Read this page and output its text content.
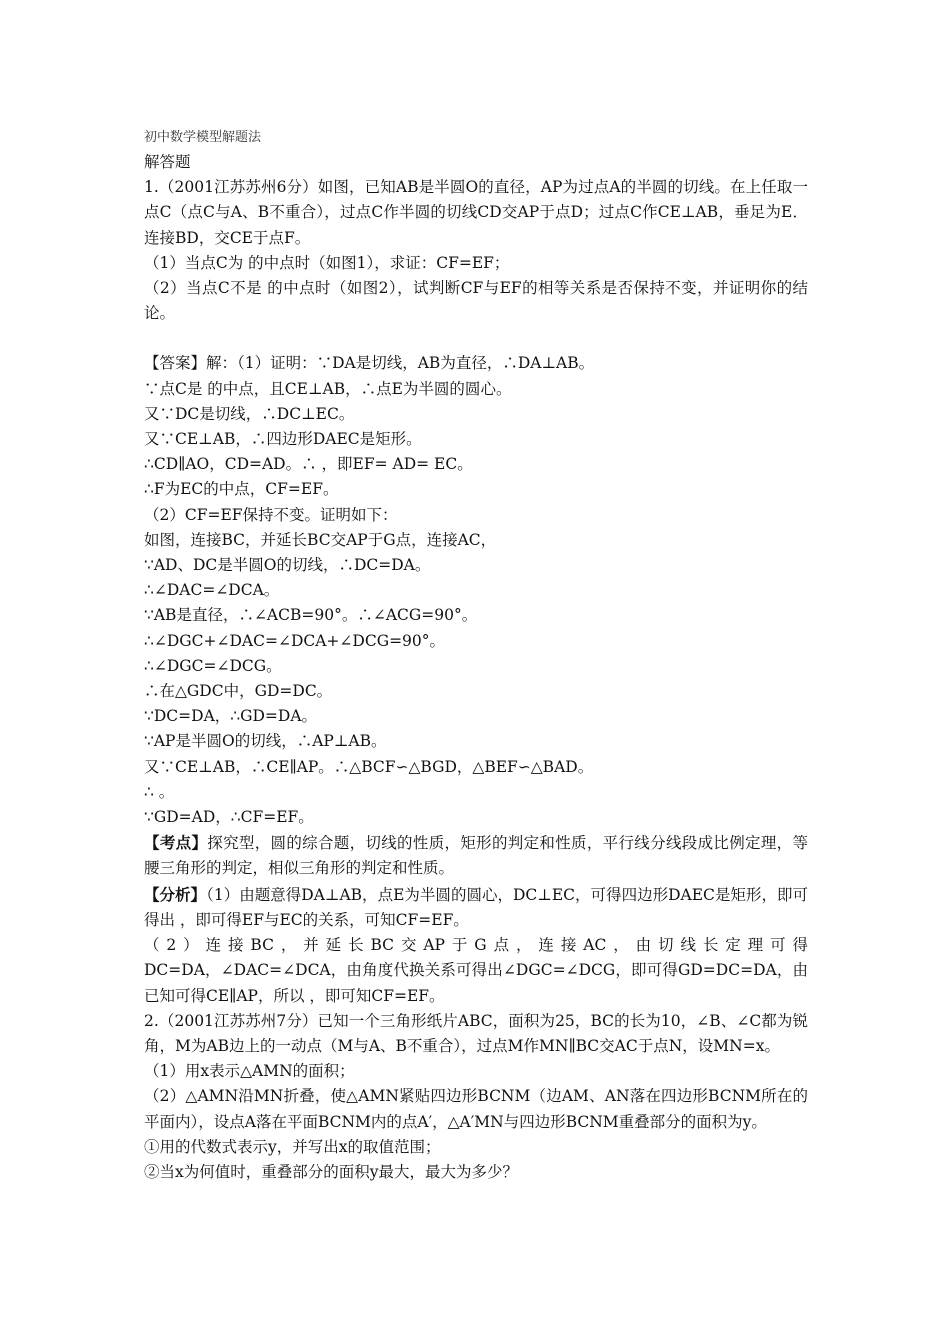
初中数学模型解题法

解答题

1.（2001江苏苏州6分）如图，已知AB是半圆O的直径，AP为过点A的半圆的切线。在上任取一点C（点C与A、B不重合），过点C作半圆的切线CD交AP于点D；过点C作CE⊥AB，垂足为E．连接BD，交CE于点F。

（1）当点C为 的中点时（如图1），求证：CF=EF；

（2）当点C不是 的中点时（如图2），试判断CF与EF的相等关系是否保持不变，并证明你的结论。

【答案】解：（1）证明：∵DA是切线，AB为直径，∴DA⊥AB。

∵点C是 的中点，且CE⊥AB，∴点E为半圆的圆心。

又∵DC是切线，∴DC⊥EC。

又∵CE⊥AB，∴四边形DAEC是矩形。

∴CD∥AO，CD=AD。∴ ，即EF= AD= EC。

∴F为EC的中点，CF=EF。

（2）CF=EF保持不变。证明如下：

如图，连接BC，并延长BC交AP于G点，连接AC，

∵AD、DC是半圆O的切线，∴DC=DA。

∴∠DAC=∠DCA。

∵AB是直径，∴∠ACB=90°。∴∠ACG=90°。

∴∠DGC+∠DAC=∠DCA+∠DCG=90°。

∴∠DGC=∠DCG。

∴在△GDC中，GD=DC。

∵DC=DA，∴GD=DA。

∵AP是半圆O的切线，∴AP⊥AB。

又∵CE⊥AB，∴CE∥AP。∴△BCF∽△BGD，△BEF∽△BAD。

∴ 。

∵GD=AD，∴CF=EF。

【考点】探究型，圆的综合题，切线的性质，矩形的判定和性质，平行线分线段成比例定理，等腰三角形的判定，相似三角形的判定和性质。

【分析】（1）由题意得DA⊥AB，点E为半圆的圆心，DC⊥EC，可得四边形DAEC是矩形，即可得出 ，即可得EF与EC的关系，可知CF=EF。

（2）连接BC，并延长BC交AP于G点，连接AC，由切线长定理可得

DC=DA，∠DAC=∠DCA，由角度代换关系可得出∠DGC=∠DCG，即可得GD=DC=DA，由已知可得CE∥AP，所以 ，即可知CF=EF。

2.（2001江苏苏州7分）已知一个三角形纸片ABC，面积为25，BC的长为10，∠B、∠C都为锐角，M为AB边上的一动点（M与A、B不重合），过点M作MN∥BC交AC于点N，设MN=x。

（1）用x表示△AMN的面积；

（2）△AMN沿MN折叠，使△AMN紧贴四边形BCNM（边AM、AN落在四边形BCNM所在的平面内），设点A落在平面BCNM内的点A′，△A′MN与四边形BCNM重叠部分的面积为y。

①用的代数式表示y，并写出x的取值范围；

②当x为何值时，重叠部分的面积y最大，最大为多少？
